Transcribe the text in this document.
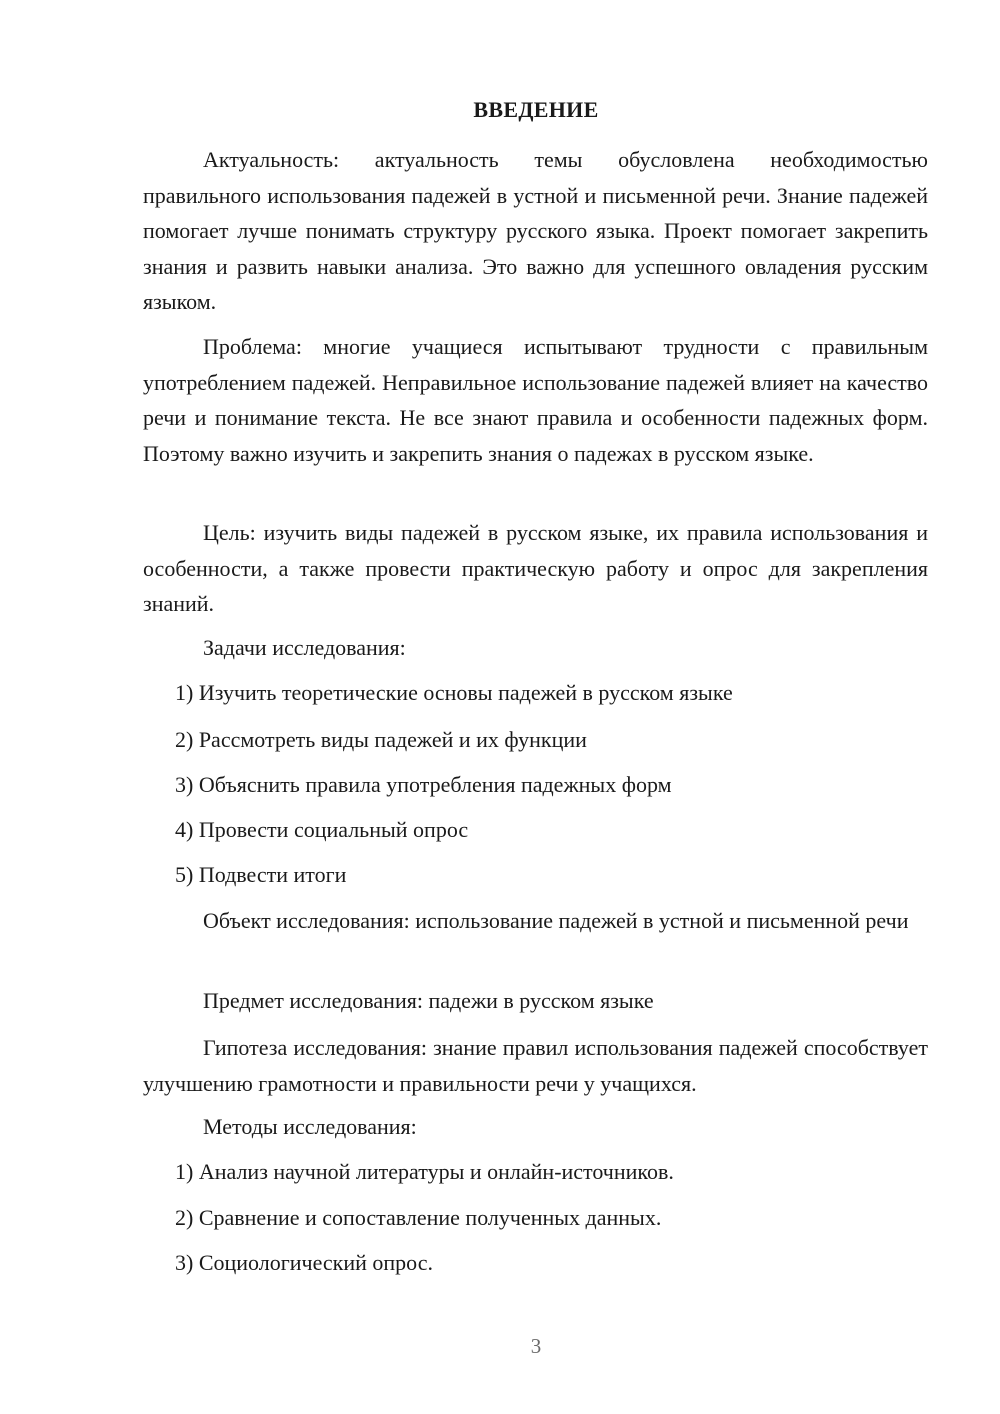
ВВЕДЕНИЕ

Актуальность: актуальность темы обусловлена необходимостью правильного использования падежей в устной и письменной речи. Знание падежей помогает лучше понимать структуру русского языка. Проект помогает закрепить знания и развить навыки анализа. Это важно для успешного овладения русским языком.

Проблема: многие учащиеся испытывают трудности с правильным употреблением падежей. Неправильное использование падежей влияет на качество речи и понимание текста. Не все знают правила и особенности падежных форм. Поэтому важно изучить и закрепить знания о падежах в русском языке.

Цель: изучить виды падежей в русском языке, их правила использования и особенности, а также провести практическую работу и опрос для закрепления знаний.

Задачи исследования:

1) Изучить теоретические основы падежей в русском языке

2) Рассмотреть виды падежей и их функции

3) Объяснить правила употребления падежных форм

4) Провести социальный опрос

5) Подвести итоги

Объект исследования: использование падежей в устной и письменной речи

Предмет исследования: падежи в русском языке

Гипотеза исследования: знание правил использования падежей способствует улучшению грамотности и правильности речи у учащихся.

Методы исследования:

1) Анализ научной литературы и онлайн-источников.

2) Сравнение и сопоставление полученных данных.

3) Социологический опрос.

3
